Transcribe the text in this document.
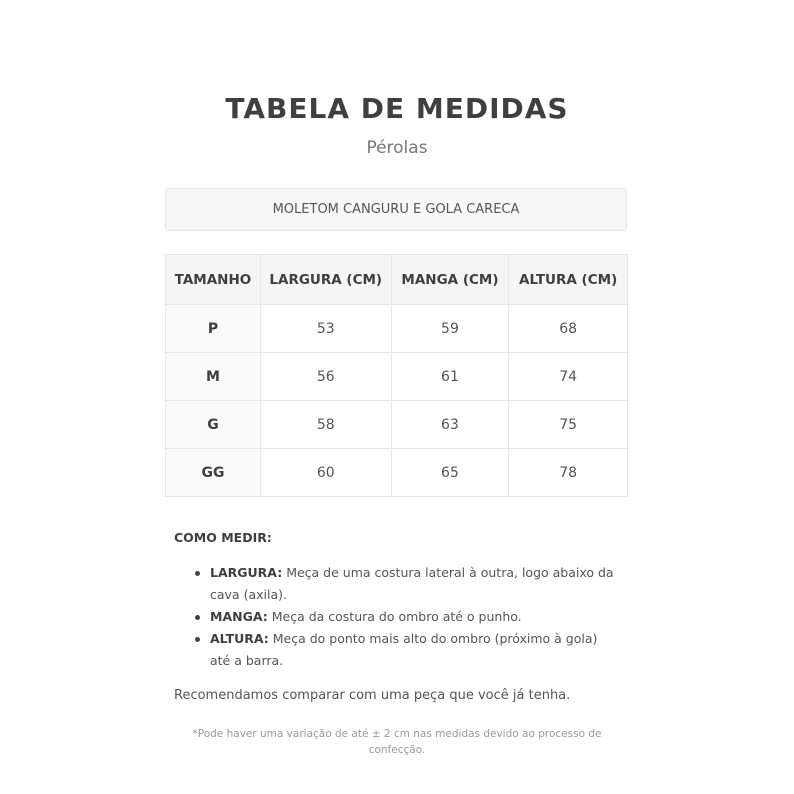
TABELA DE MEDIDAS
Pérolas
MOLETOM CANGURU E GOLA CARECA
TAMANHO	LARGURA (CM)	MANGA (CM)	ALTURA (CM)
P	53	59	68
M	56	61	74
G	58	63	75
GG	60	65	78
COMO MEDIR:
LARGURA: Meça de uma costura lateral à outra, logo abaixo da cava (axila).
MANGA: Meça da costura do ombro até o punho.
ALTURA: Meça do ponto mais alto do ombro (próximo à gola) até a barra.
Recomendamos comparar com uma peça que você já tenha.
*Pode haver uma variação de até ± 2 cm nas medidas devido ao processo de confecção.
